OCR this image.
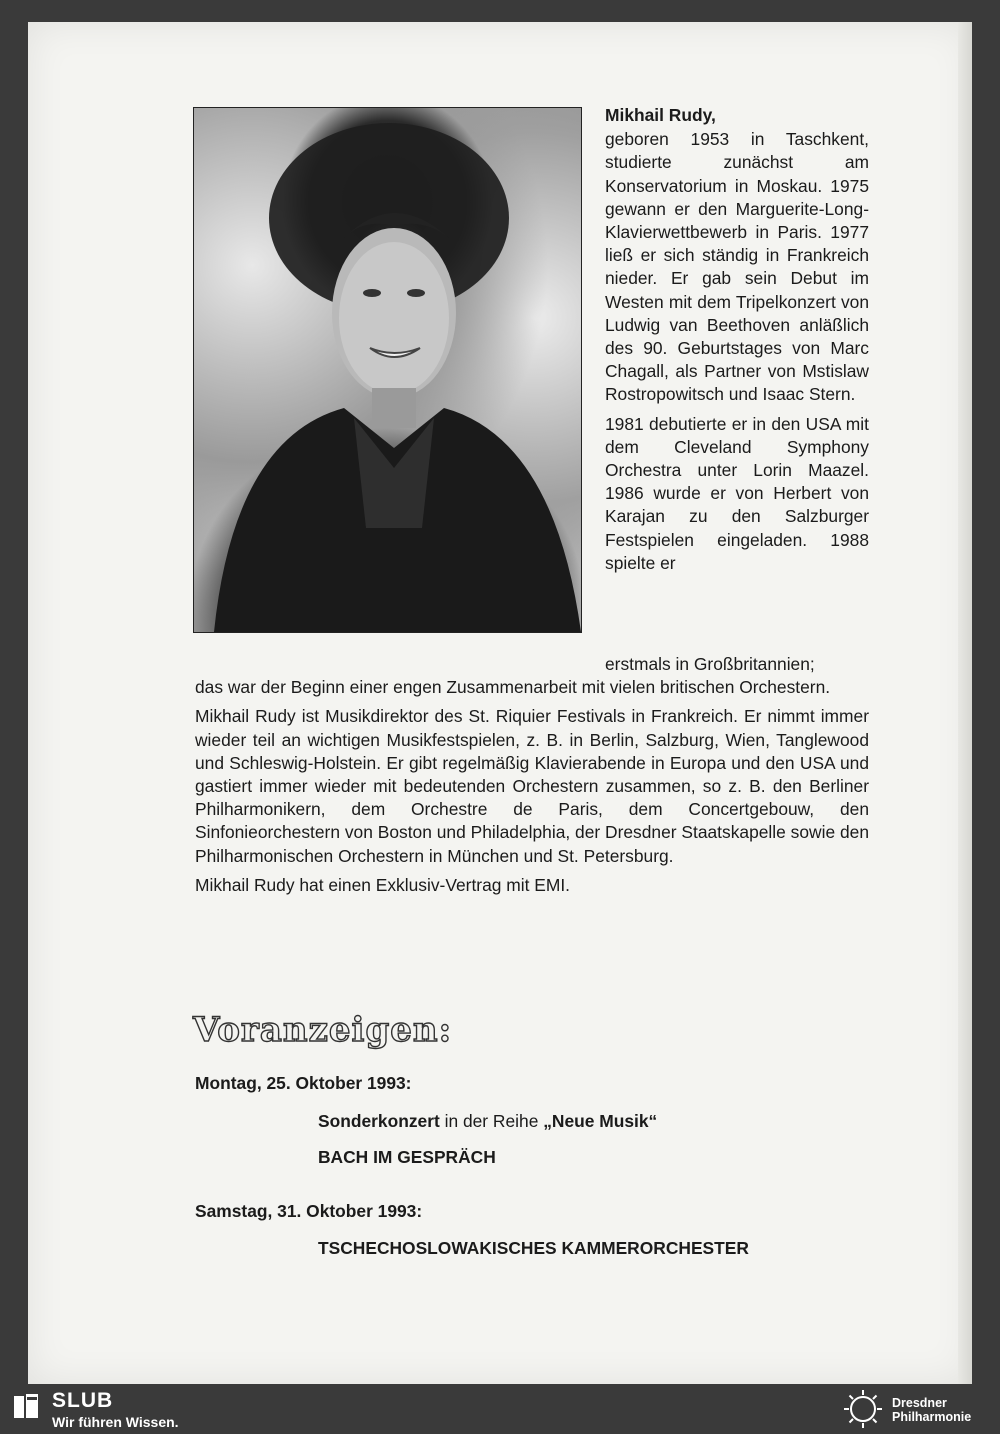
Mikhail Rudy,

geboren 1953 in Taschkent, studierte zunächst am Konservatorium in Moskau. 1975 gewann er den Marguerite-Long-Klavierwettbewerb in Paris. 1977 ließ er sich ständig in Frankreich nieder. Er gab sein Debut im Westen mit dem Tripelkonzert von Ludwig van Beethoven anläßlich des 90. Geburtstages von Marc Chagall, als Partner von Mstislaw Rostropowitsch und Isaac Stern.

1981 debutierte er in den USA mit dem Cleveland Symphony Orchestra unter Lorin Maazel. 1986 wurde er von Herbert von Karajan zu den Salzburger Festspielen eingeladen. 1988 spielte er

erstmals in Großbritannien;
das war der Beginn einer engen Zusammenarbeit mit vielen britischen Orchestern.

Mikhail Rudy ist Musikdirektor des St. Riquier Festivals in Frankreich. Er nimmt immer wieder teil an wichtigen Musikfestspielen, z. B. in Berlin, Salzburg, Wien, Tanglewood und Schleswig-Holstein. Er gibt regelmäßig Klavierabende in Europa und den USA und gastiert immer wieder mit bedeutenden Orchestern zusammen, so z. B. den Berliner Philharmonikern, dem Orchestre de Paris, dem Concertgebouw, den Sinfonieorchestern von Boston und Philadelphia, der Dresdner Staatskapelle sowie den Philharmonischen Orchestern in München und St. Petersburg.

Mikhail Rudy hat einen Exklusiv-Vertrag mit EMI.

Voranzeigen:
Montag, 25. Oktober 1993:
Sonderkonzert in der Reihe „Neue Musik“
BACH IM GESPRÄCH
Samstag, 31. Oktober 1993:
TSCHECHOSLOWAKISCHES KAMMERORCHESTER
SLUB
Wir führen Wissen.
Dresdner
Philharmonie
